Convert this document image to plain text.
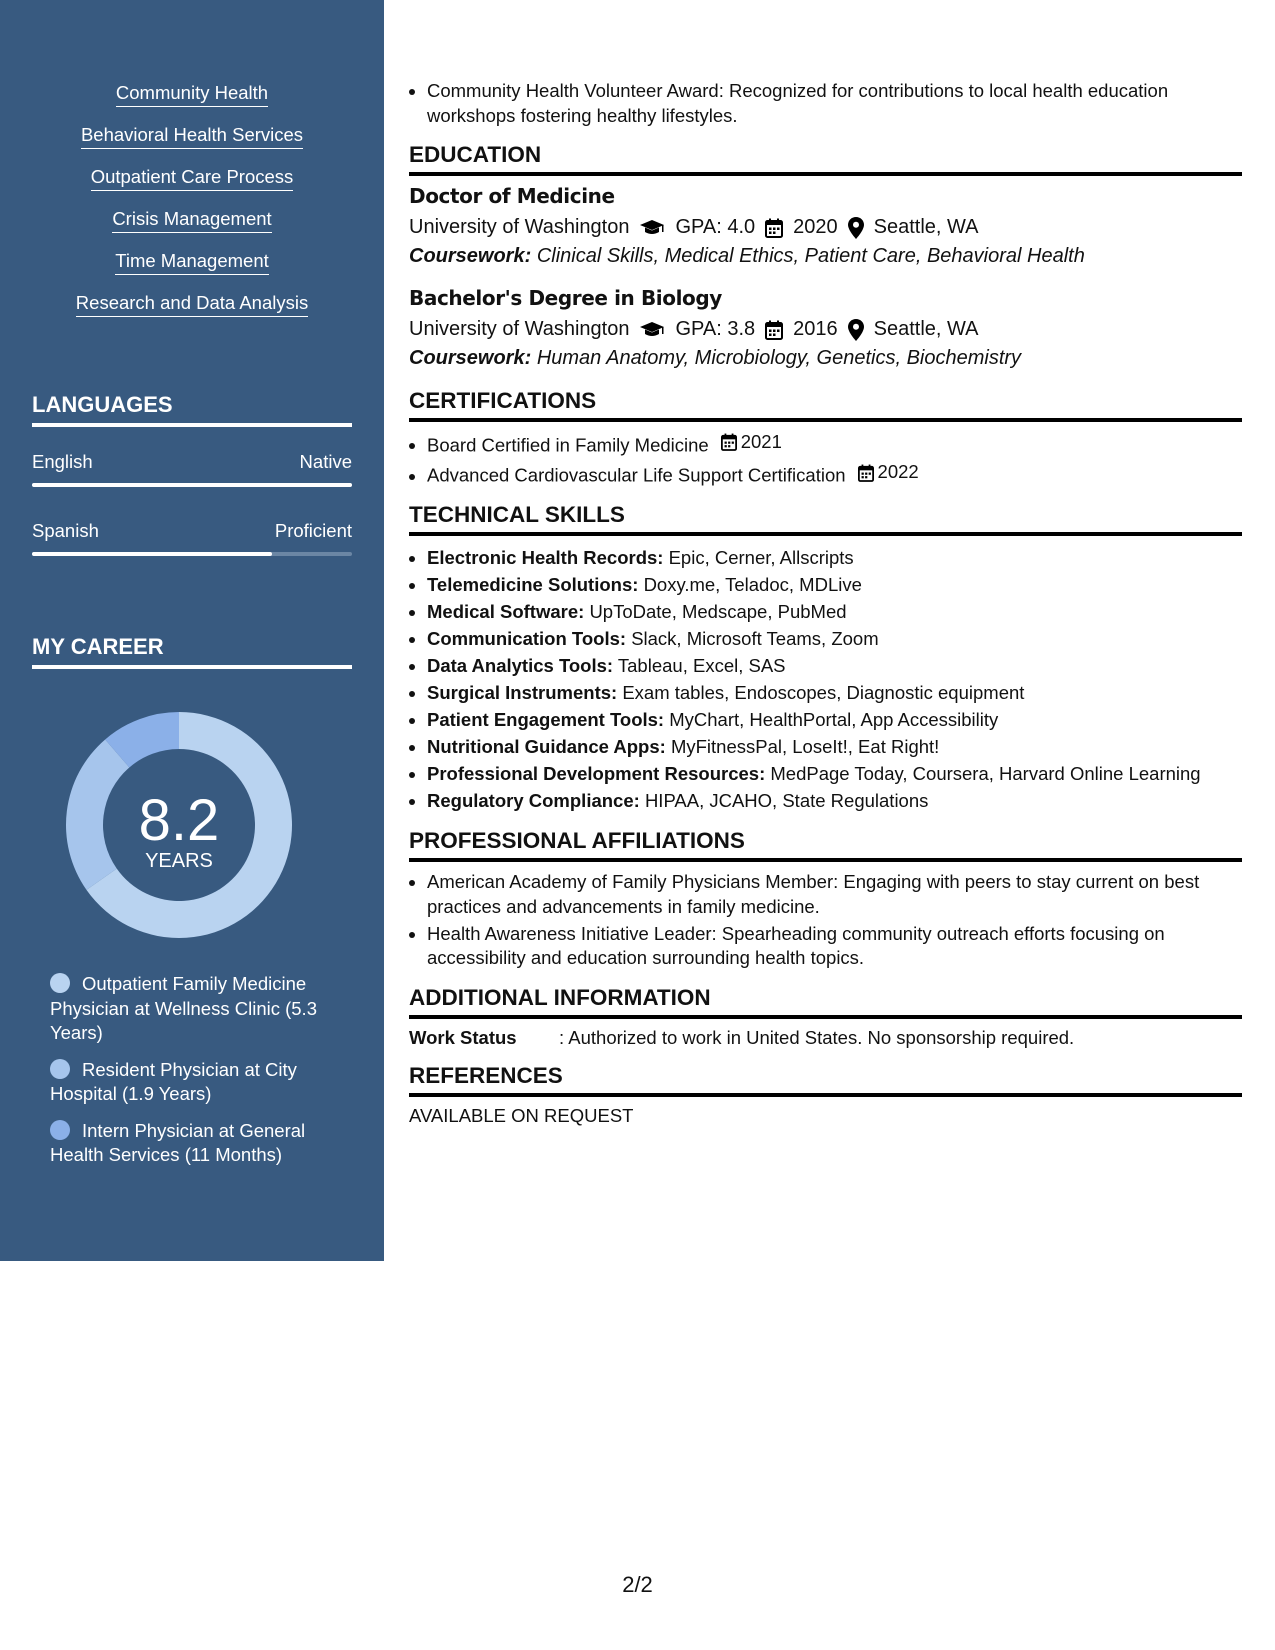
Community Health
Behavioral Health Services
Outpatient Care Process
Crisis Management
Time Management
Research and Data Analysis
LANGUAGES
English	Native
Spanish	Proficient
MY CAREER
8.2
YEARS
Outpatient Family Medicine Physician at Wellness Clinic (5.3 Years)
Resident Physician at City Hospital (1.9 Years)
Intern Physician at General Health Services (11 Months)
• Community Health Volunteer Award: Recognized for contributions to local health education workshops fostering healthy lifestyles.
EDUCATION
Doctor of Medicine
University of Washington GPA: 4.0 2020 Seattle, WA
Coursework: Clinical Skills, Medical Ethics, Patient Care, Behavioral Health
Bachelor's Degree in Biology
University of Washington GPA: 3.8 2016 Seattle, WA
Coursework: Human Anatomy, Microbiology, Genetics, Biochemistry
CERTIFICATIONS
• Board Certified in Family Medicine 2021
• Advanced Cardiovascular Life Support Certification 2022
TECHNICAL SKILLS
• Electronic Health Records: Epic, Cerner, Allscripts
• Telemedicine Solutions: Doxy.me, Teladoc, MDLive
• Medical Software: UpToDate, Medscape, PubMed
• Communication Tools: Slack, Microsoft Teams, Zoom
• Data Analytics Tools: Tableau, Excel, SAS
• Surgical Instruments: Exam tables, Endoscopes, Diagnostic equipment
• Patient Engagement Tools: MyChart, HealthPortal, App Accessibility
• Nutritional Guidance Apps: MyFitnessPal, LoseIt!, Eat Right!
• Professional Development Resources: MedPage Today, Coursera, Harvard Online Learning
• Regulatory Compliance: HIPAA, JCAHO, State Regulations
PROFESSIONAL AFFILIATIONS
• American Academy of Family Physicians Member: Engaging with peers to stay current on best practices and advancements in family medicine.
• Health Awareness Initiative Leader: Spearheading community outreach efforts focusing on accessibility and education surrounding health topics.
ADDITIONAL INFORMATION
Work Status	: Authorized to work in United States. No sponsorship required.
REFERENCES
AVAILABLE ON REQUEST
2/2
